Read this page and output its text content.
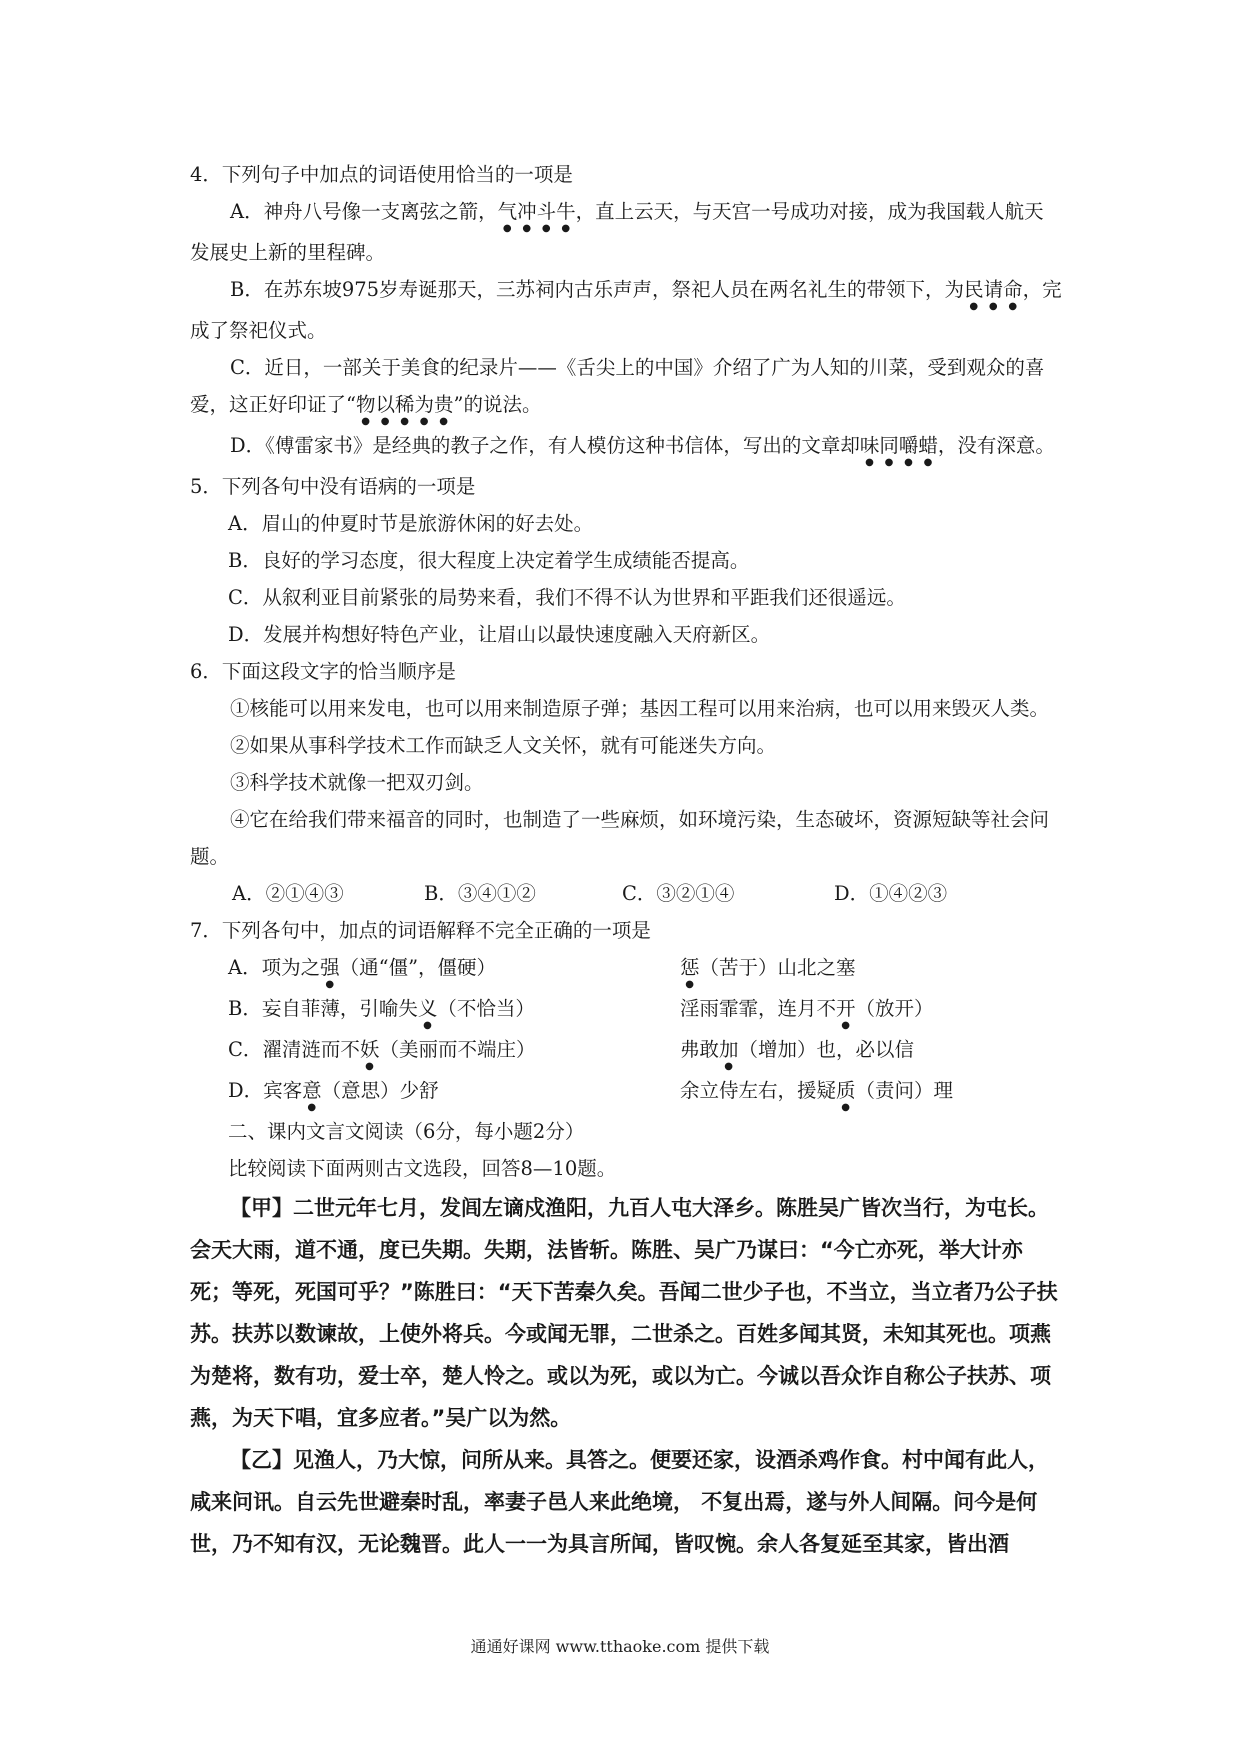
4．下列句子中加点的词语使用恰当的一项是

A．神舟八号像一支离弦之箭，气冲斗牛，直上云天，与天宫一号成功对接，成为我国载人航天发展史上新的里程碑。

B．在苏东坡975岁寿诞那天，三苏祠内古乐声声，祭祀人员在两名礼生的带领下，为民请命，完成了祭祀仪式。

C．近日，一部关于美食的纪录片——《舌尖上的中国》介绍了广为人知的川菜，受到观众的喜爱，这正好印证了“物以稀为贵”的说法。

D．《傅雷家书》是经典的教子之作，有人模仿这种书信体，写出的文章却味同嚼蜡，没有深意。

5．下列各句中没有语病的一项是

A．眉山的仲夏时节是旅游休闲的好去处。

B．良好的学习态度，很大程度上决定着学生成绩能否提高。

C．从叙利亚目前紧张的局势来看，我们不得不认为世界和平距我们还很遥远。

D．发展并构想好特色产业，让眉山以最快速度融入天府新区。

6．下面这段文字的恰当顺序是

①核能可以用来发电，也可以用来制造原子弹；基因工程可以用来治病，也可以用来毁灭人类。

②如果从事科学技术工作而缺乏人文关怀，就有可能迷失方向。

③科学技术就像一把双刃剑。

④它在给我们带来福音的同时，也制造了一些麻烦，如环境污染，生态破坏，资源短缺等社会问题。

A．②①④③	B．③④①②	C．③②①④	D．①④②③

7．下列各句中，加点的词语解释不完全正确的一项是

A．项为之强（通“僵”，僵硬）	惩（苦于）山北之塞
B．妄自菲薄，引喻失义（不恰当）	淫雨霏霏，连月不开（放开）
C．濯清涟而不妖（美丽而不端庄）	弗敢加（增加）也，必以信
D．宾客意（意思）少舒	余立侍左右，援疑质（责问）理

二、课内文言文阅读（6分，每小题2分）

比较阅读下面两则古文选段，回答8—10题。

【甲】二世元年七月，发闾左谪戍渔阳，九百人屯大泽乡。陈胜吴广皆次当行，为屯长。会天大雨，道不通，度已失期。失期，法皆斩。陈胜、吴广乃谋曰：“今亡亦死，举大计亦死；等死，死国可乎？”陈胜曰：“天下苦秦久矣。吾闻二世少子也，不当立，当立者乃公子扶苏。扶苏以数谏故，上使外将兵。今或闻无罪，二世杀之。百姓多闻其贤，未知其死也。项燕为楚将，数有功，爱士卒，楚人怜之。或以为死，或以为亡。今诚以吾众诈自称公子扶苏、项燕，为天下唱，宜多应者。”吴广以为然。

【乙】见渔人，乃大惊，问所从来。具答之。便要还家，设酒杀鸡作食。村中闻有此人，咸来问讯。自云先世避秦时乱，率妻子邑人来此绝境， 不复出焉，遂与外人间隔。问今是何世，乃不知有汉，无论魏晋。此人一一为具言所闻，皆叹惋。余人各复延至其家，皆出酒

通通好课网 www.tthaoke.com 提供下载
